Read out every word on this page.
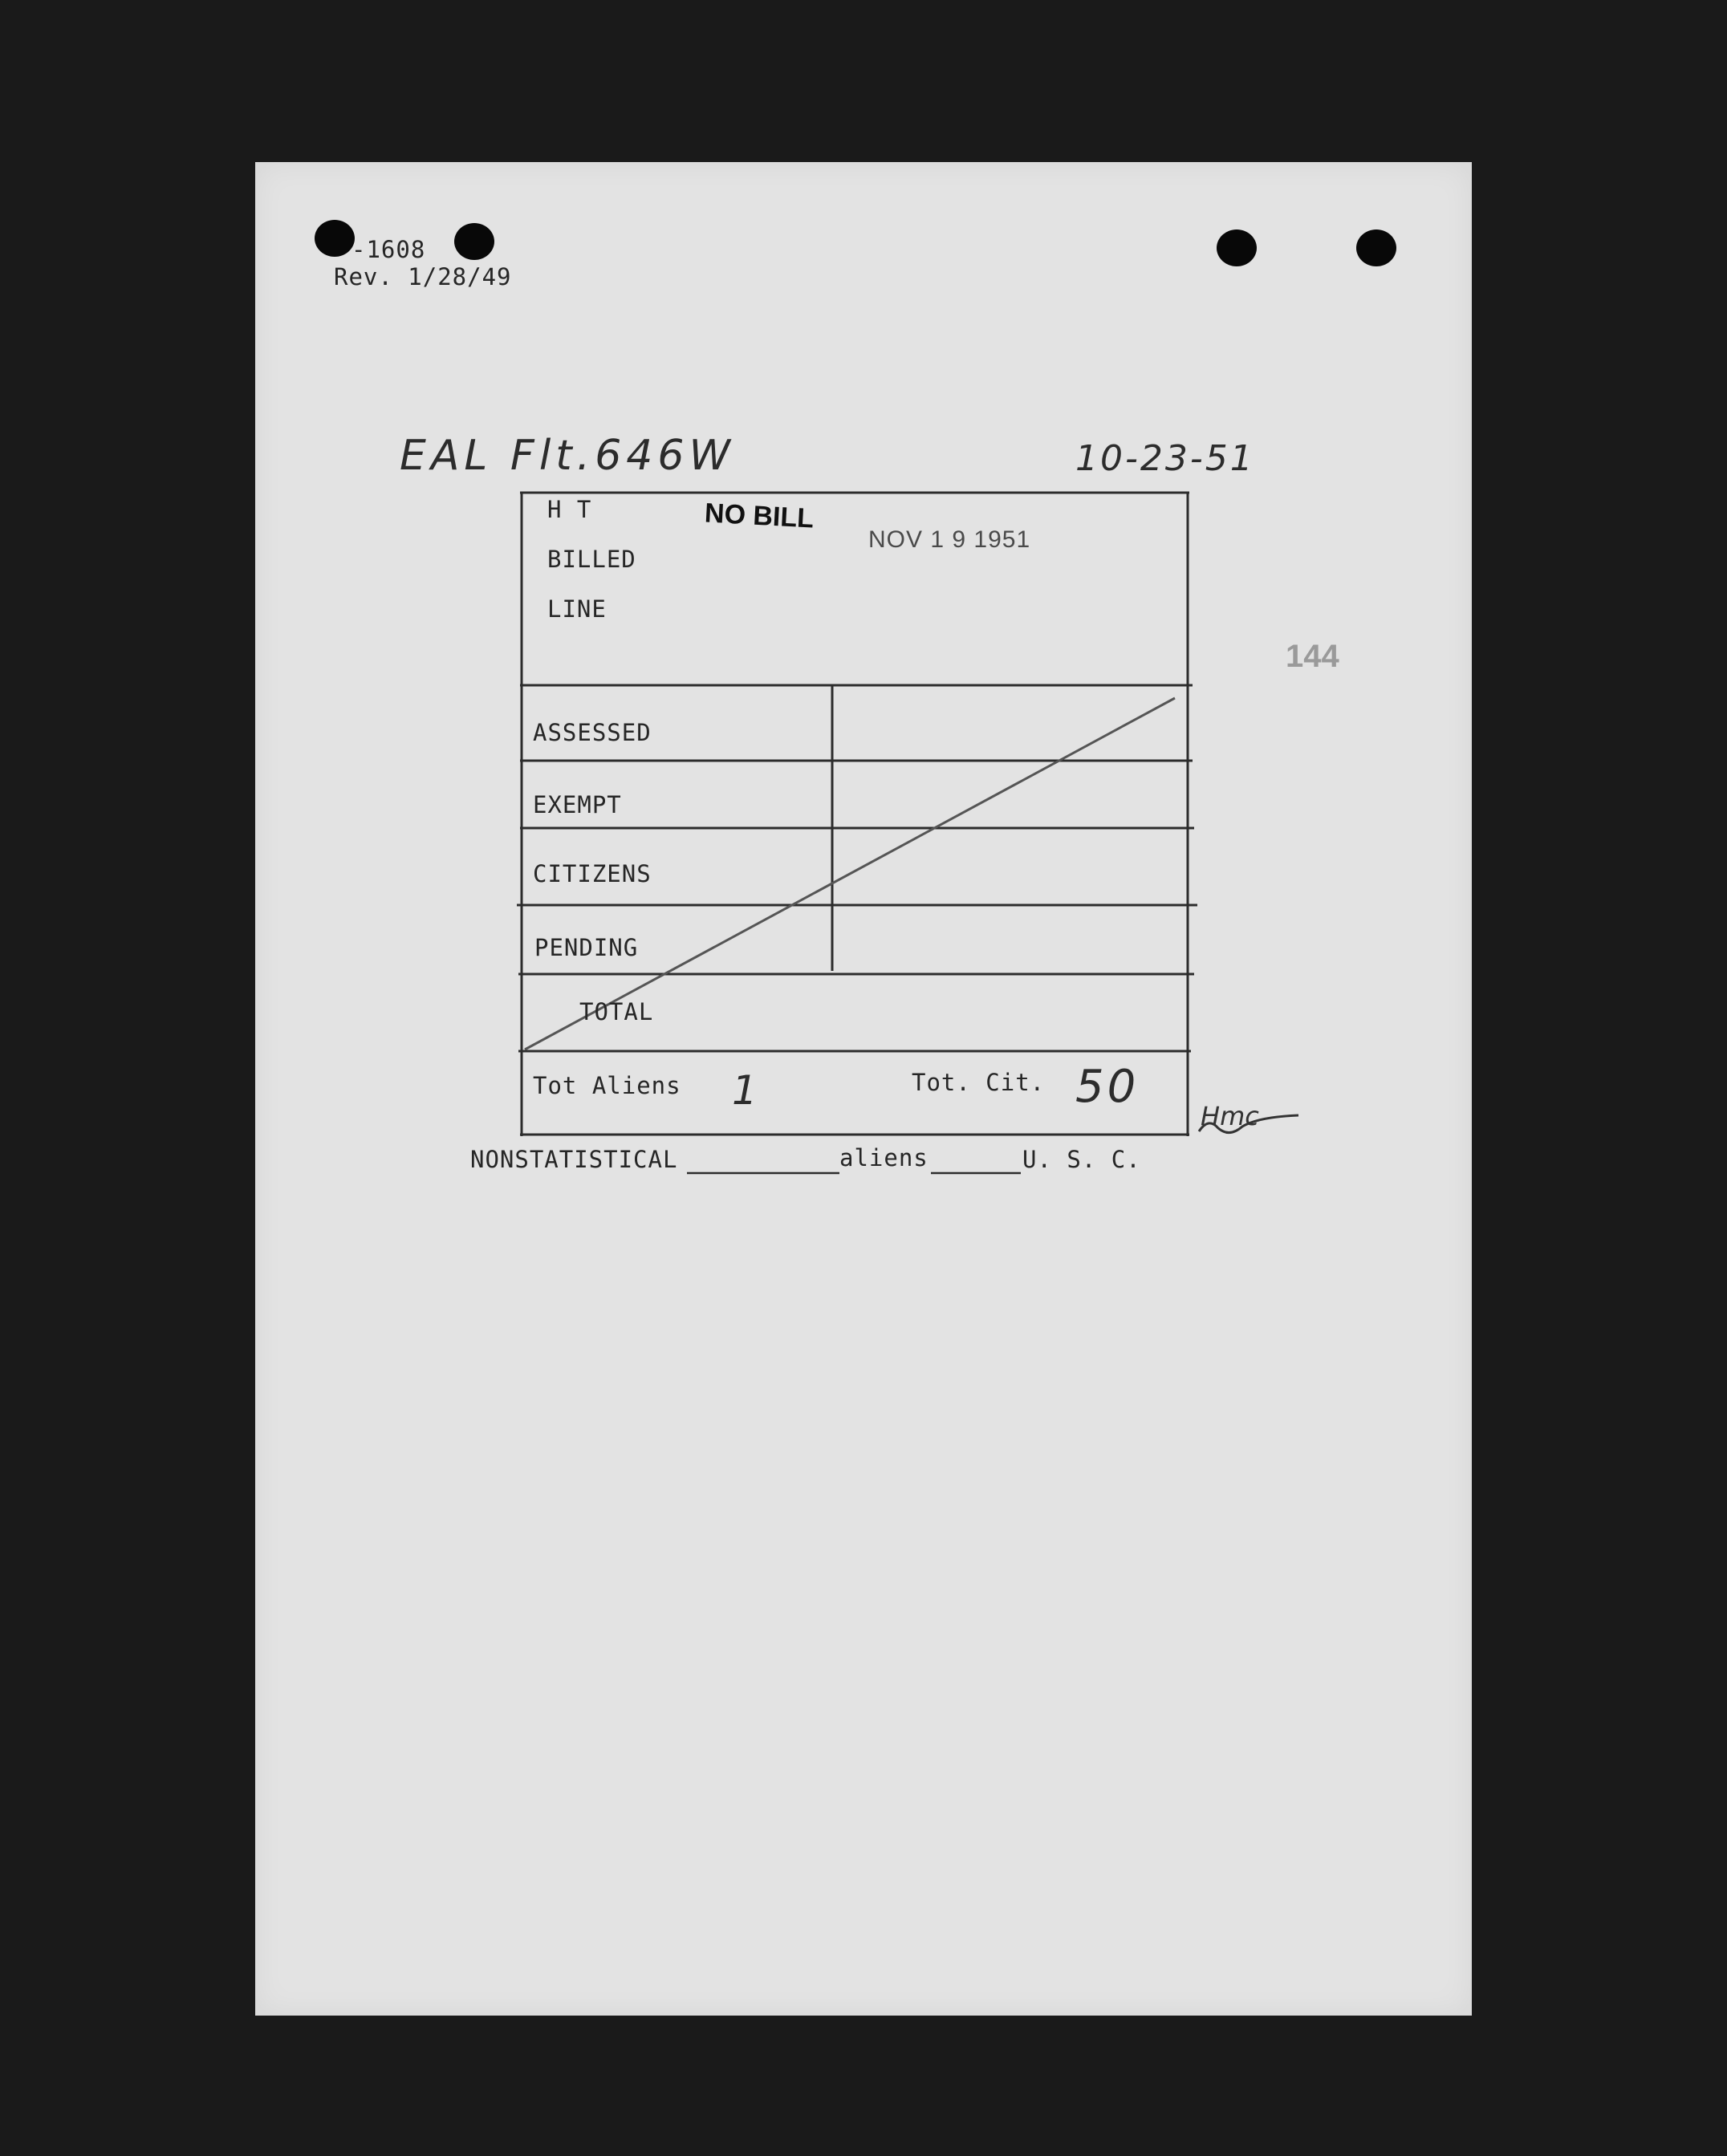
-1608
Rev. 1/28/49
EAL Flt.646W	10-23-51
H T
BILLED
LINE
NO BILL
NOV 1 9 1951
144
ASSESSED
EXEMPT
CITIZENS
PENDING
TOTAL
Tot Aliens 1	Tot. Cit. 50
Hmc
NONSTATISTICAL	aliens	U. S. C.
